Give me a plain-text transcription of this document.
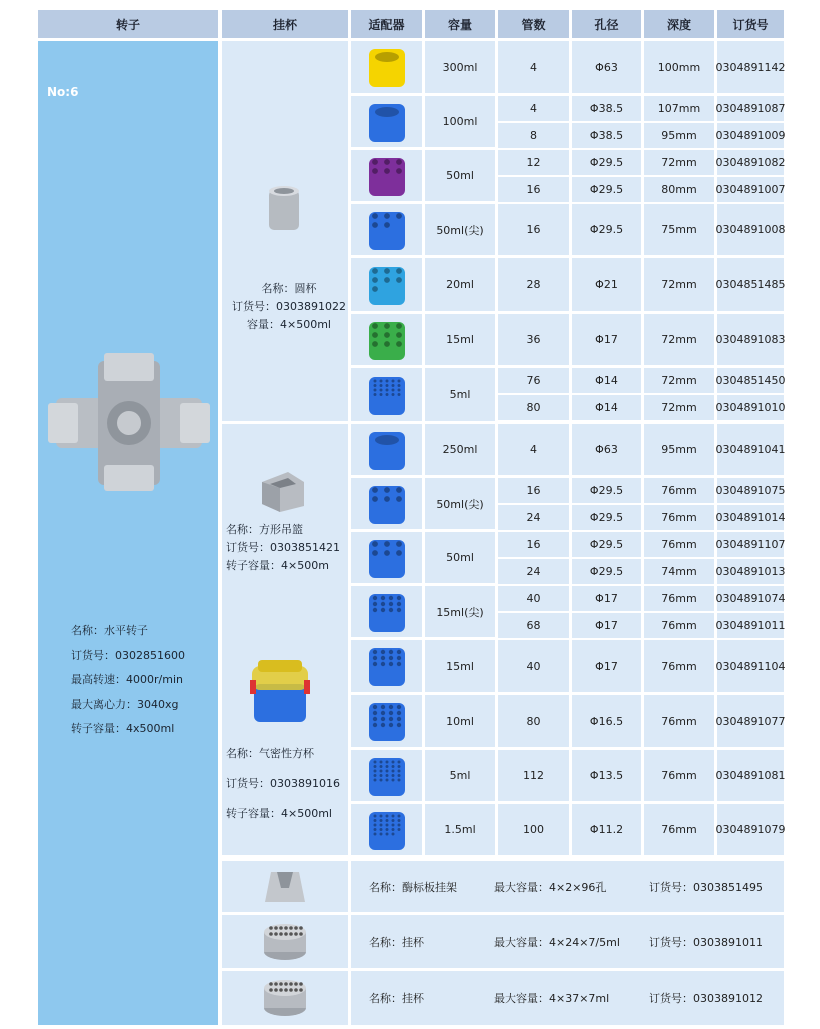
转子	挂杯	适配器	容量	管数	孔径	深度	订货号
No:6
名称：水平转子
订货号：0302851600
最高转速：4000r/min
最大离心力：3040xg
转子容量：4x500ml
名称：圆杯
订货号：0303891022
容量：4×500ml
名称：方形吊篮
订货号：0303851421
转子容量：4×500m
名称：气密性方杯
订货号：0303891016
转子容量：4×500ml
300ml	4	Φ63	100mm	0304891142
100ml
4	Φ38.5	107mm	0304891087
8	Φ38.5	95mm	0304891009
50ml
12	Φ29.5	72mm	0304891082
16	Φ29.5	80mm	0304891007
50ml(尖)	16	Φ29.5	75mm	0304891008
20ml	28	Φ21	72mm	0304851485
15ml	36	Φ17	72mm	0304891083
5ml
76	Φ14	72mm	0304851450
80	Φ14	72mm	0304891010
250ml	4	Φ63	95mm	0304891041
50ml(尖)
16	Φ29.5	76mm	0304891075
24	Φ29.5	76mm	0304891014
50ml
16	Φ29.5	76mm	0304891107
24	Φ29.5	74mm	0304891013
15ml(尖)
40	Φ17	76mm	0304891074
68	Φ17	76mm	0304891011
15ml	40	Φ17	76mm	0304891104
10ml	80	Φ16.5	76mm	0304891077
5ml	112	Φ13.5	76mm	0304891081
1.5ml	100	Φ11.2	76mm	0304891079
名称：酶标板挂架	最大容量：4×2×96孔	订货号：0303851495
名称：挂杯	最大容量：4×24×7/5ml	订货号：0303891011
名称：挂杯	最大容量：4×37×7ml	订货号：0303891012
